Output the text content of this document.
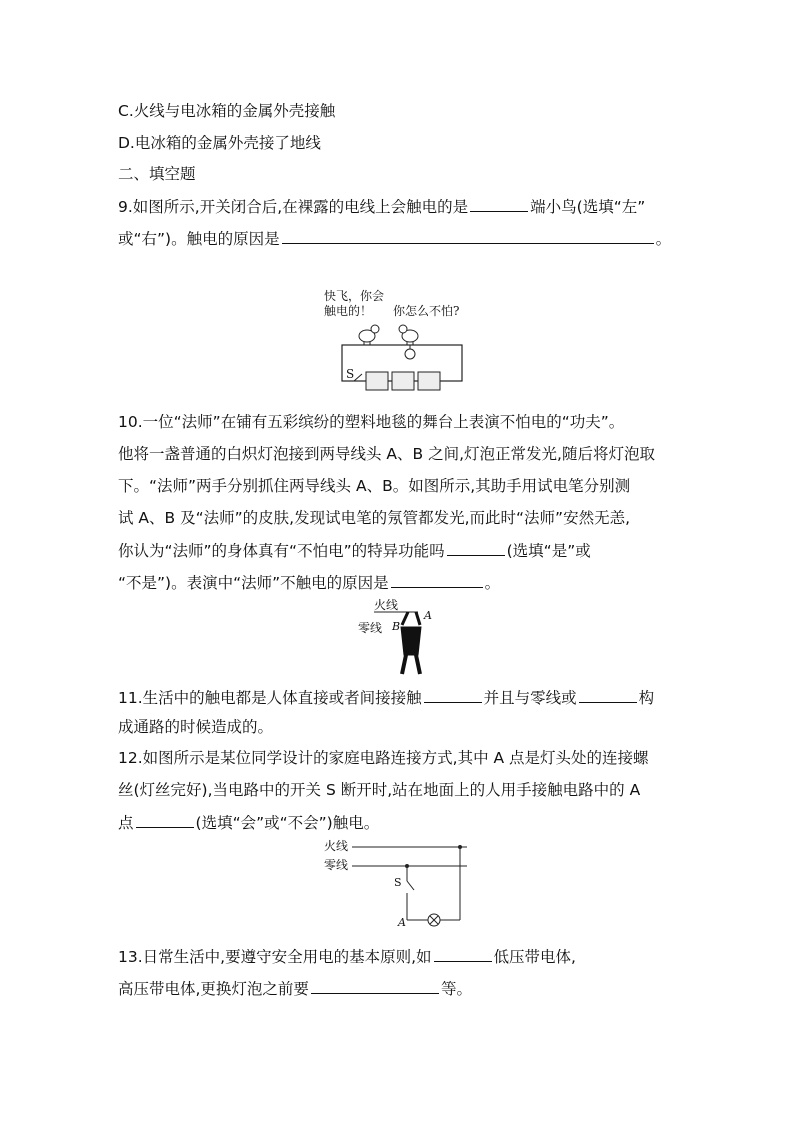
C.火线与电冰箱的金属外壳接触
D.电冰箱的金属外壳接了地线
二、填空题
9.如图所示,开关闭合后,在裸露的电线上会触电的是	端小鸟(选填“左”
或“右”)。触电的原因是	。
快飞，你会
触电的！ 你怎么不怕?
S
10.一位“法师”在铺有五彩缤纷的塑料地毯的舞台上表演不怕电的“功夫”。
他将一盏普通的白炽灯泡接到两导线头 A、B 之间,灯泡正常发光,随后将灯泡取
下。“法师”两手分别抓住两导线头 A、B。如图所示,其助手用试电笔分别测
试 A、B 及“法师”的皮肤,发现试电笔的氖管都发光,而此时“法师”安然无恙,
你认为“法师”的身体真有“不怕电”的特异功能吗	(选填“是”或
“不是”)。表演中“法师”不触电的原因是	。
火线
A
零线 B
11.生活中的触电都是人体直接或者间接接触	并且与零线或	构
成通路的时候造成的。
12.如图所示是某位同学设计的家庭电路连接方式,其中 A 点是灯头处的连接螺
丝(灯丝完好),当电路中的开关 S 断开时,站在地面上的人用手接触电路中的 A
点	(选填“会”或“不会”)触电。
火线
零线
S
A
13.日常生活中,要遵守安全用电的基本原则,如	低压带电体,
高压带电体,更换灯泡之前要	等。
